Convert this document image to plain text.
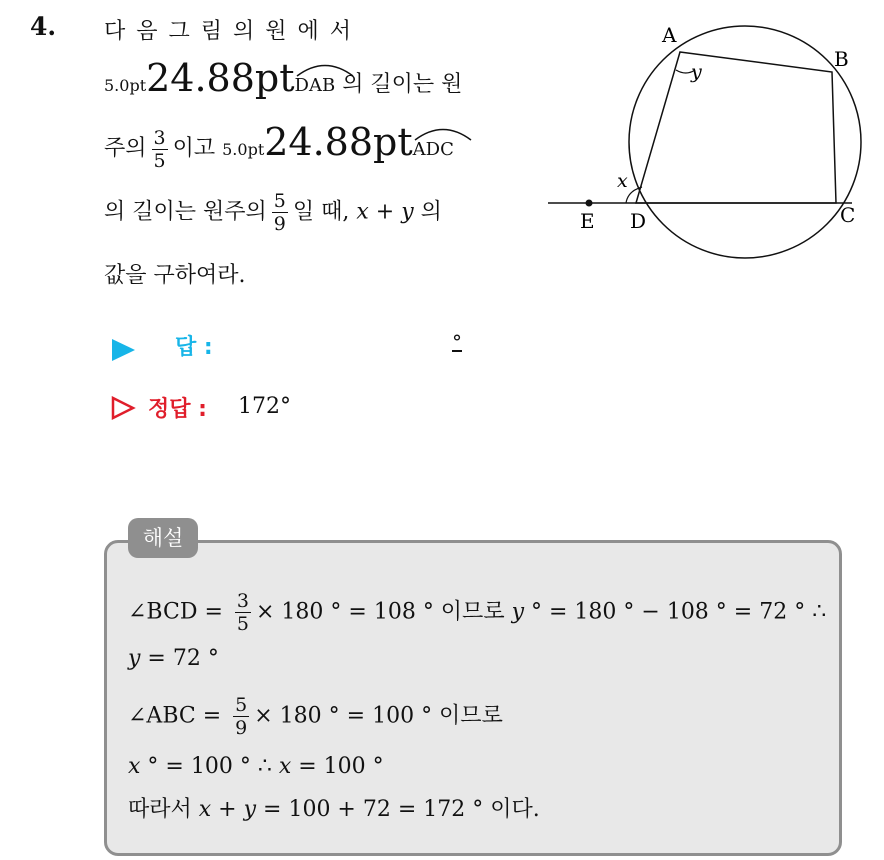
4. 다 음 그 림 의 원 에 서
5.0pt24.88pt
DAB 의 길이는 원
주의 $\frac{3}{5}$ 이고 5.0pt24.88pt
ADC
의 길이는 원주의 $\frac{5}{9}$ 일 때, x + y 의
값을 구하여라.
A
B
C
D
E
x
y
답 :	°
정답 : 172°
해설
∠BCD = $\frac{3}{5} \times 180$ ° = 108 ° 이므로 y ° = 180 ° − 108 ° = 72 ° ∴
y = 72 °
∠ABC = $\frac{5}{9} \times 180$ ° = 100 ° 이므로
x ° = 100 ° ∴ x = 100 °
따라서 x + y = 100 + 72 = 172 ° 이다.
